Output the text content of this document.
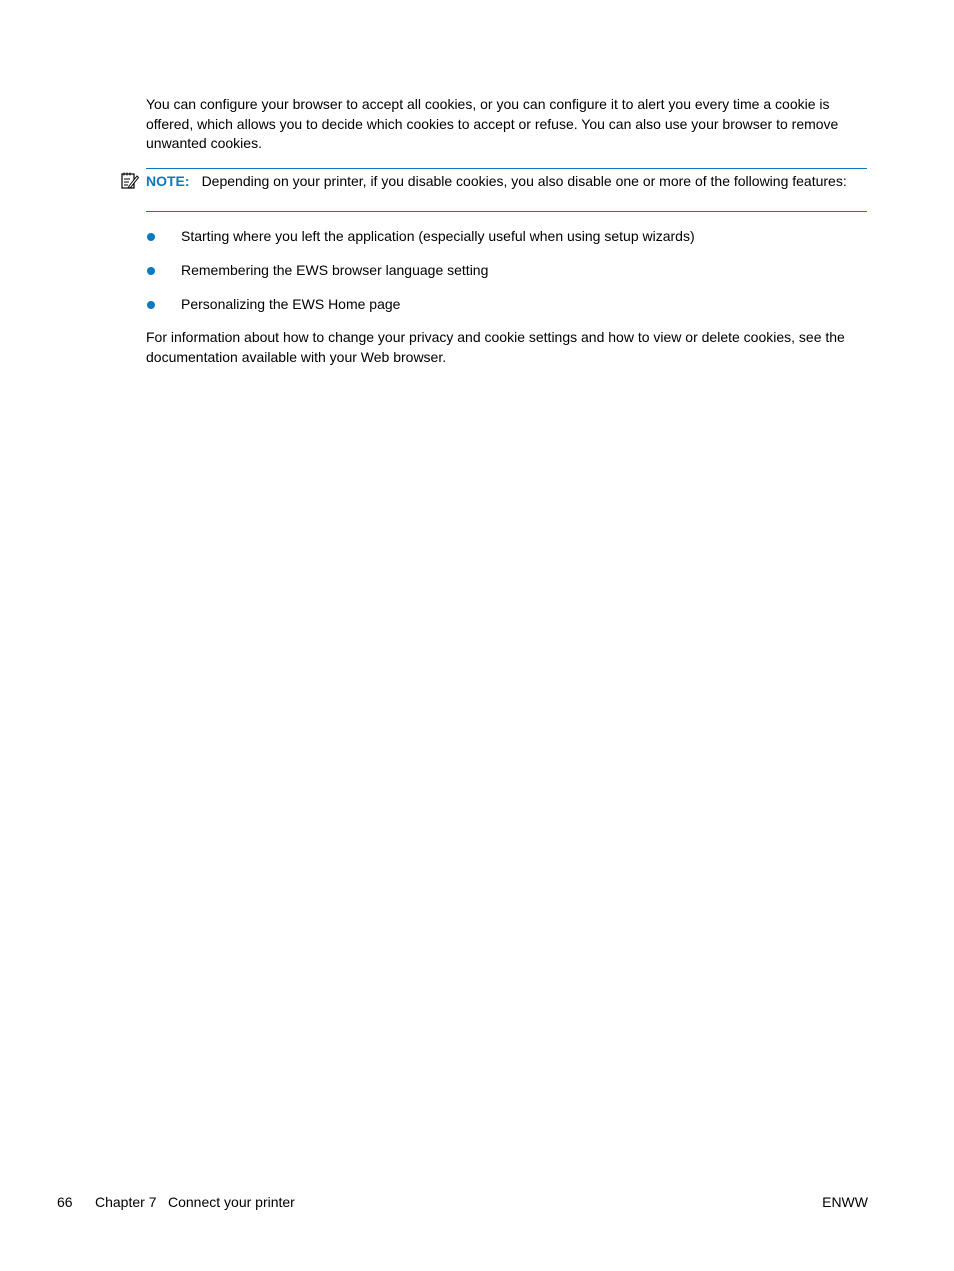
You can configure your browser to accept all cookies, or you can configure it to alert you every time a cookie is offered, which allows you to decide which cookies to accept or refuse. You can also use your browser to remove unwanted cookies.

NOTE: Depending on your printer, if you disable cookies, you also disable one or more of the following features:

Starting where you left the application (especially useful when using setup wizards)
Remembering the EWS browser language setting
Personalizing the EWS Home page

For information about how to change your privacy and cookie settings and how to view or delete cookies, see the documentation available with your Web browser.

66 Chapter 7 Connect your printer	ENWW
